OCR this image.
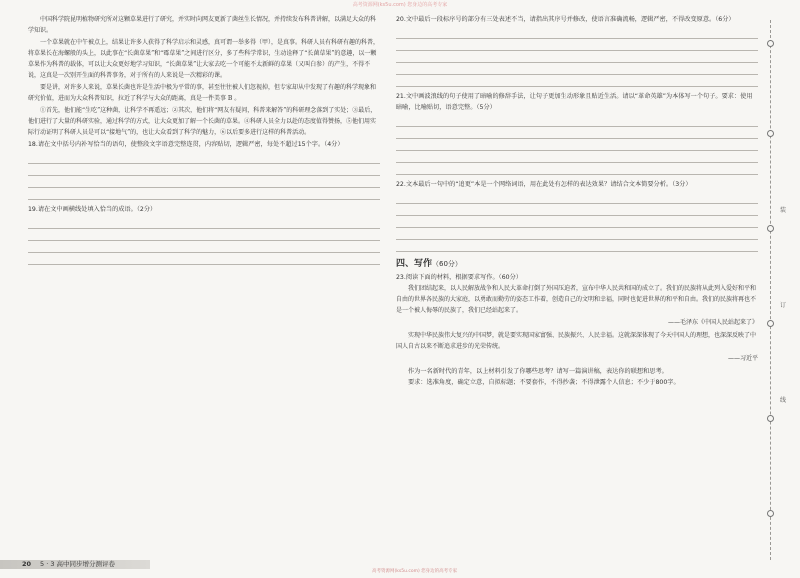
高考资源网(ks5u.com) 您身边的高考专家

中国科学院昆明植物研究所对这颗草果进行了研究，并实时向网友更新了菌丝生长情况，并持续发布科普讲解，以满足大众的科学知识。

一个草果就在中午被点上，结果让许多人获得了科学启示和灵感，真可谓一举多得（甲），是真事。科研人员有科研有趣的科普，将草果长在海螺般的头上，以此事在“长菌草果”和“霉草果”之间进行区分，多了些科学常识，生动诠释了“长菌草果”的意趣，以一颗草果作为科普的载体，可以让大众更好地学习知识，“长菌草果”让大家去吃一个可能不太新鲜的草果（又叫白参）的产生，不得不说，这真是一次别开生面的科普事务，对于所有的人来说是一次精彩的课。

要是讲，对许多人来说，草果长菌也许是生活中极为平常的事，甚至往往被人们忽视掉，但专家却从中发现了有趣的科学现象和研究价值，进而为大众科普知识，拉近了科学与大众的距离，真是一件美事 B 。

①首先，他们能“生吃”这种菌，让科学不再遥远；②其次，他们将“网友有疑问，科普来解答”的科研理念落到了实处；③最后，他们进行了大量的科研实验，通过科学的方式，让大众更加了解一个长菌的草果。④科研人员全力以赴的态度值得赞扬，⑤他们用实际行动证明了科研人员是可以“接地气”的，也让大众看到了科学的魅力，⑥以后要多进行这样的科普活动。

18.请在文中括号内补写恰当的语句，使整段文字语意完整连贯，内容贴切，逻辑严密，每处不超过15个字。（4分）

19.请在文中画横线处填入恰当的成语。（2分）

20.文中最后一段标序号的部分有三处表述不当，请指出其序号并修改，使语言准确流畅，逻辑严密，不得改变原意。（6分）

21.文中画波浪线的句子使用了暗喻的修辞手法，让句子更加生动形象且贴近生活。请以“革命英雄”为本体写一个句子。要求：使用暗喻，比喻贴切，语意完整。（5分）

22.文本最后一句中的“追更”本是一个网络词语，用在此处有怎样的表达效果？请结合文本简要分析。（3分）

四、写作（60分）

23.阅读下面的材料，根据要求写作。（60分）

我们团结起来，以人民解放战争和人民大革命打倒了外国压迫者，宣布中华人民共和国的成立了。我们的民族将从此列入爱好和平和自由的世界各民族的大家庭，以勇敢而勤劳的姿态工作着，创造自己的文明和幸福，同时也促进世界的和平和自由。我们的民族将再也不是一个被人侮辱的民族了，我们已经站起来了。

——毛泽东《中国人民站起来了》

实现中华民族伟大复兴的中国梦，就是要实现国家富强、民族振兴、人民幸福。这就深深体现了今天中国人的理想，也深深反映了中国人自古以来不断追求进步的光荣传统。

——习近平

作为一名新时代的青年，以上材料引发了你哪些思考？请写一篇演讲稿，表达你的联想和思考。

要求：选准角度，确定立意，自拟标题；不要套作，不得抄袭；不得泄露个人信息；不少于800字。

装
订
线
20 5 · 3 高中同步增分测评卷
高考资源网(ks5u.com) 您身边的高考专家
